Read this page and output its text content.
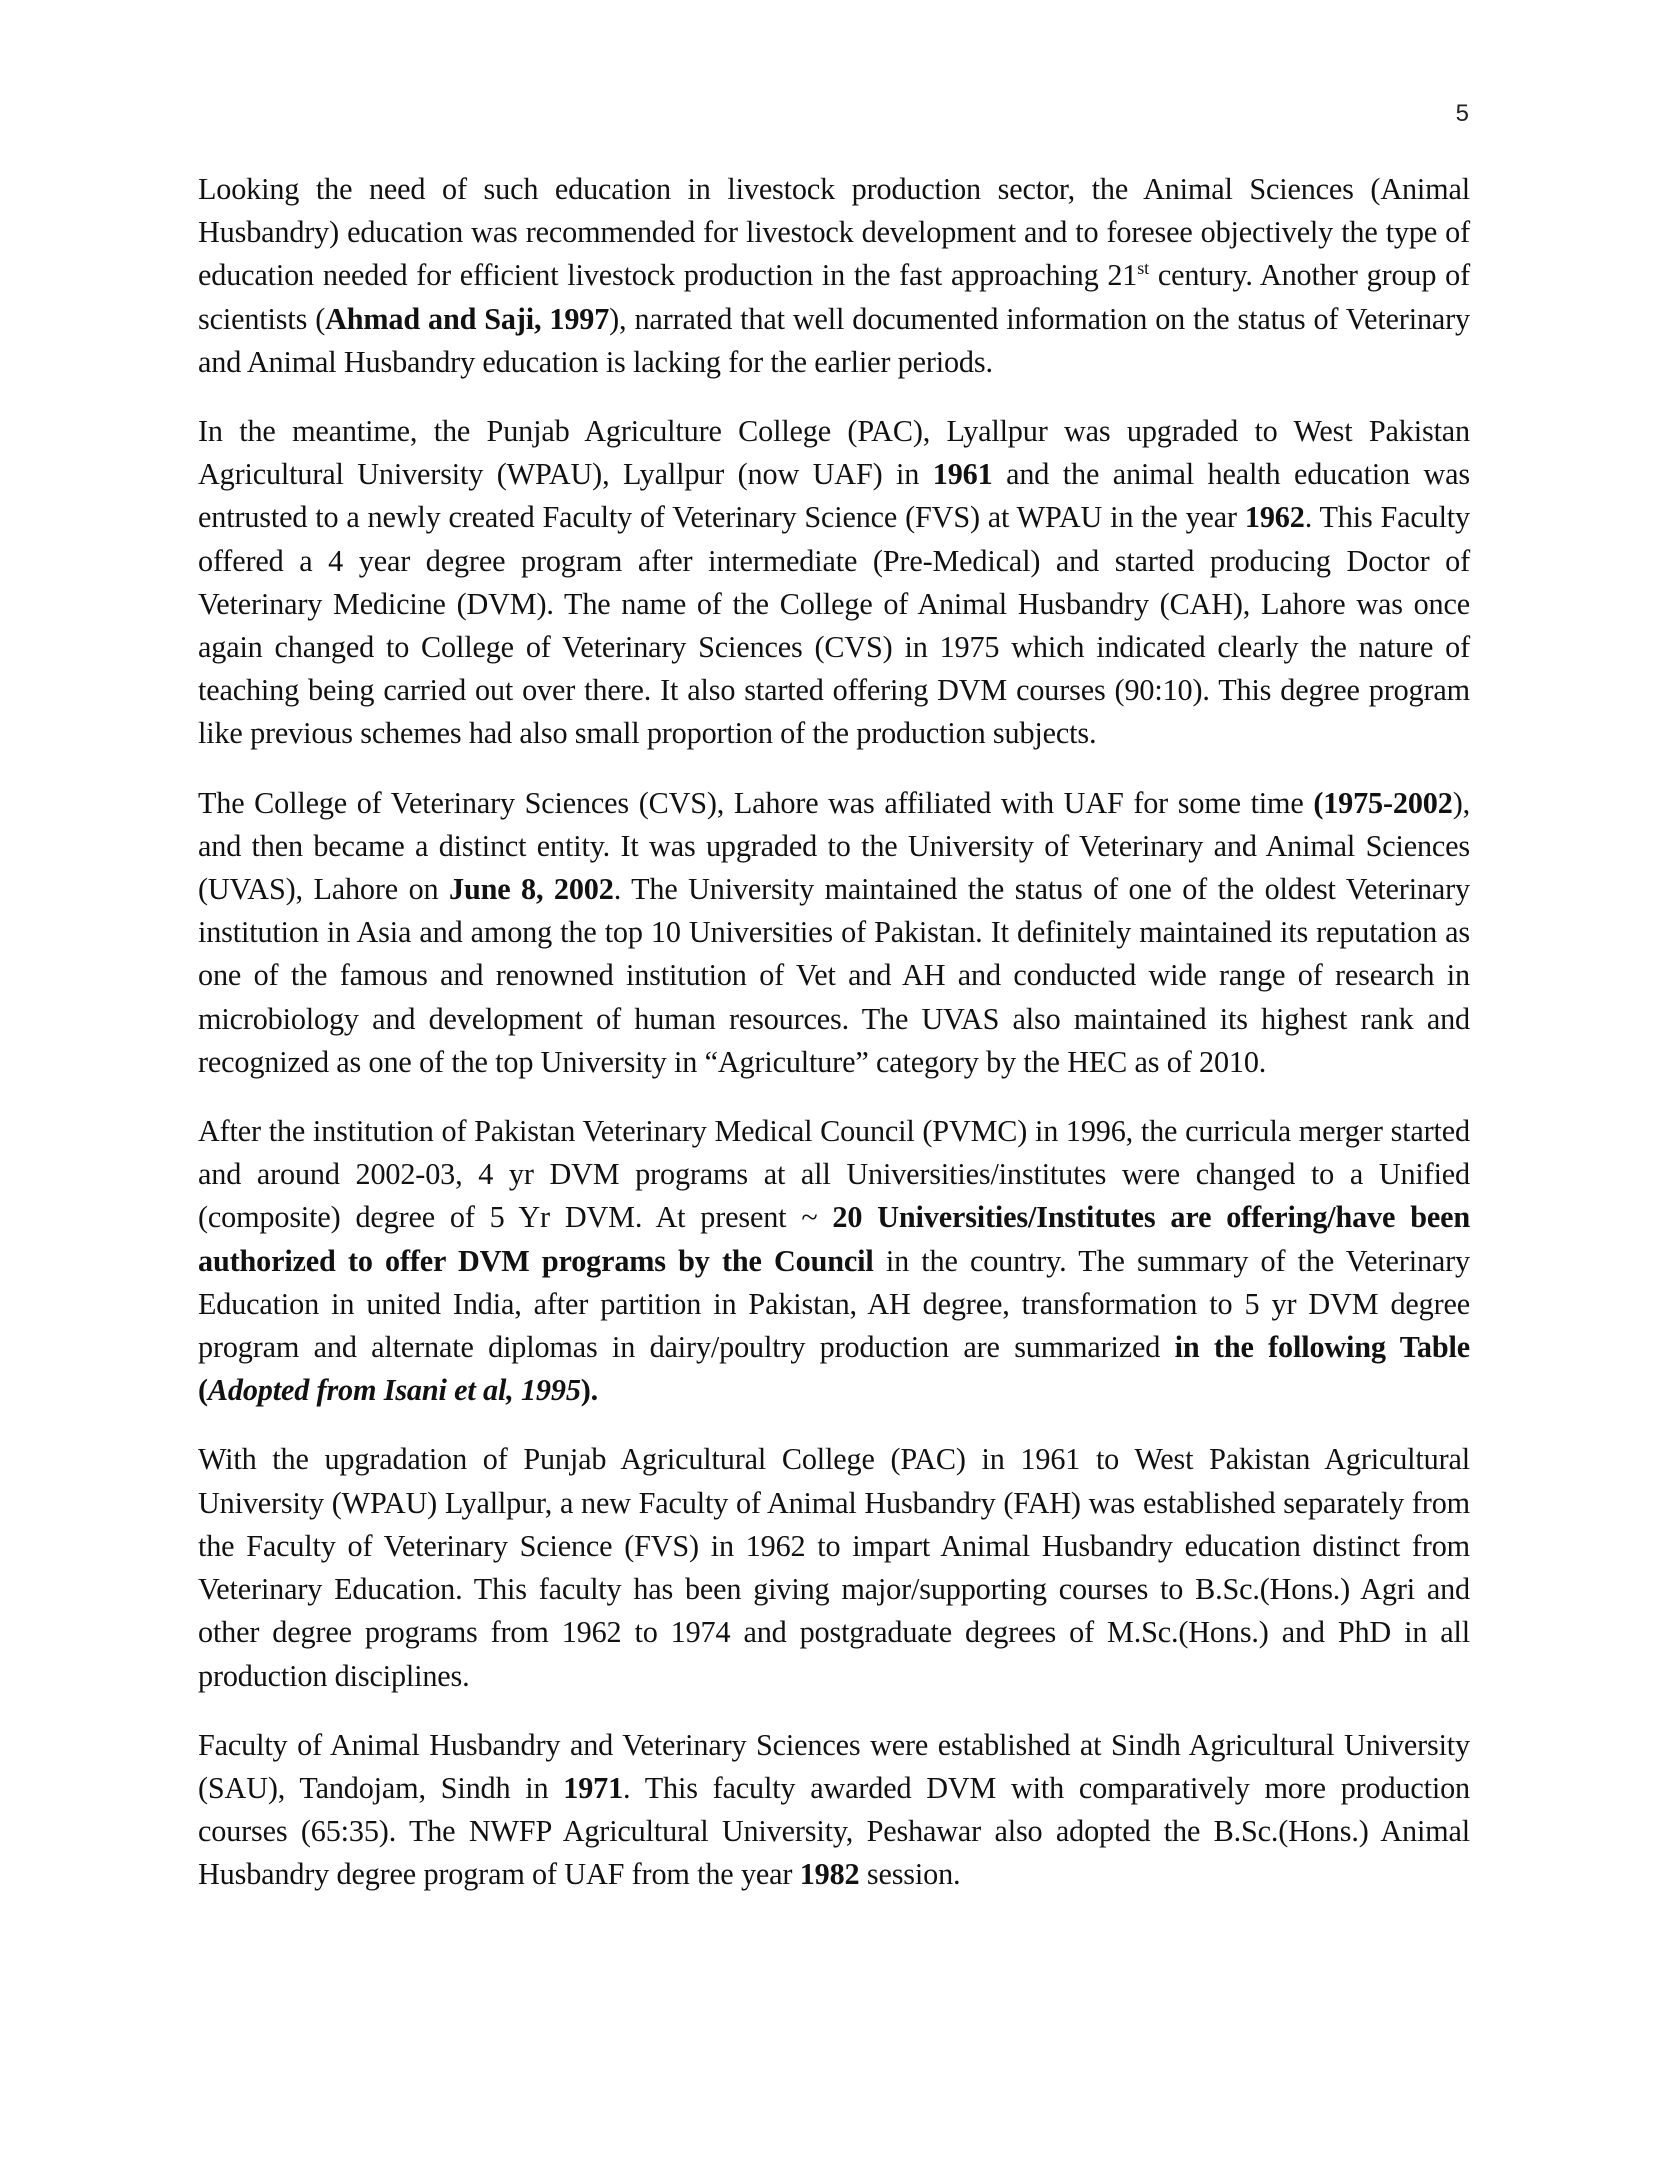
5

Looking the need of such education in livestock production sector, the Animal Sciences (Animal Husbandry) education was recommended for livestock development and to foresee objectively the type of education needed for efficient livestock production in the fast approaching 21st century. Another group of scientists (Ahmad and Saji, 1997), narrated that well documented information on the status of Veterinary and Animal Husbandry education is lacking for the earlier periods.

In the meantime, the Punjab Agriculture College (PAC), Lyallpur was upgraded to West Pakistan Agricultural University (WPAU), Lyallpur (now UAF) in 1961 and the animal health education was entrusted to a newly created Faculty of Veterinary Science (FVS) at WPAU in the year 1962. This Faculty offered a 4 year degree program after intermediate (Pre-Medical) and started producing Doctor of Veterinary Medicine (DVM). The name of the College of Animal Husbandry (CAH), Lahore was once again changed to College of Veterinary Sciences (CVS) in 1975 which indicated clearly the nature of teaching being carried out over there. It also started offering DVM courses (90:10). This degree program like previous schemes had also small proportion of the production subjects.

The College of Veterinary Sciences (CVS), Lahore was affiliated with UAF for some time (1975-2002), and then became a distinct entity. It was upgraded to the University of Veterinary and Animal Sciences (UVAS), Lahore on June 8, 2002. The University maintained the status of one of the oldest Veterinary institution in Asia and among the top 10 Universities of Pakistan. It definitely maintained its reputation as one of the famous and renowned institution of Vet and AH and conducted wide range of research in microbiology and development of human resources. The UVAS also maintained its highest rank and recognized as one of the top University in “Agriculture” category by the HEC as of 2010.

After the institution of Pakistan Veterinary Medical Council (PVMC) in 1996, the curricula merger started and around 2002-03, 4 yr DVM programs at all Universities/institutes were changed to a Unified (composite) degree of 5 Yr DVM. At present ~ 20 Universities/Institutes are offering/have been authorized to offer DVM programs by the Council in the country. The summary of the Veterinary Education in united India, after partition in Pakistan, AH degree, transformation to 5 yr DVM degree program and alternate diplomas in dairy/poultry production are summarized in the following Table (Adopted from Isani et al, 1995).

With the upgradation of Punjab Agricultural College (PAC) in 1961 to West Pakistan Agricultural University (WPAU) Lyallpur, a new Faculty of Animal Husbandry (FAH) was established separately from the Faculty of Veterinary Science (FVS) in 1962 to impart Animal Husbandry education distinct from Veterinary Education. This faculty has been giving major/supporting courses to B.Sc.(Hons.) Agri and other degree programs from 1962 to 1974 and postgraduate degrees of M.Sc.(Hons.) and PhD in all production disciplines.

Faculty of Animal Husbandry and Veterinary Sciences were established at Sindh Agricultural University (SAU), Tandojam, Sindh in 1971. This faculty awarded DVM with comparatively more production courses (65:35). The NWFP Agricultural University, Peshawar also adopted the B.Sc.(Hons.) Animal Husbandry degree program of UAF from the year 1982 session.
